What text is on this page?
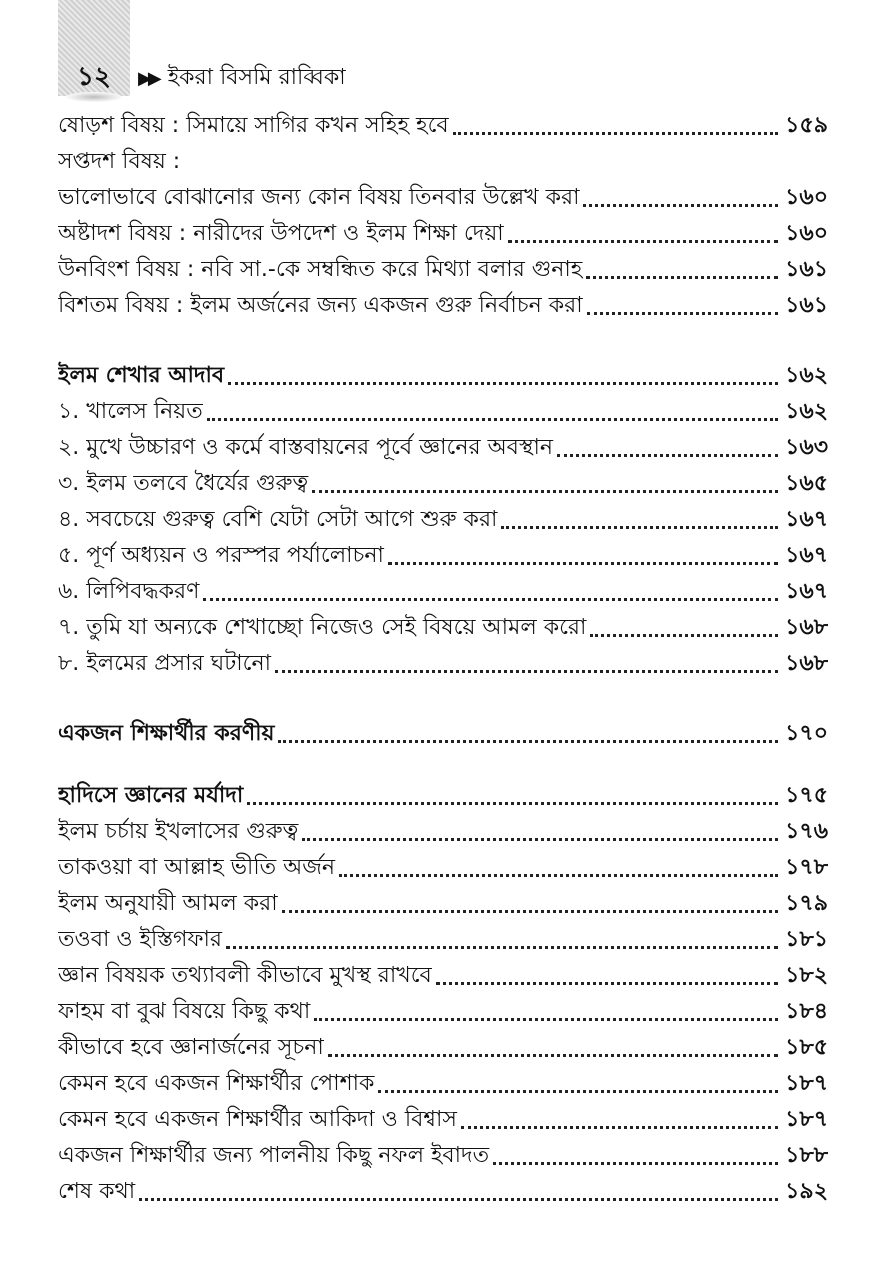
১২	▶▶ ইকরা বিসমি রাব্বিকা
ষোড়শ বিষয় : সিমায়ে সাগির কখন সহিহ হবে	১৫৯
সপ্তদশ বিষয় :
ভালোভাবে বোঝানোর জন্য কোন বিষয় তিনবার উল্লেখ করা	১৬০
অষ্টাদশ বিষয় : নারীদের উপদেশ ও ইলম শিক্ষা দেয়া	১৬০
উনবিংশ বিষয় : নবি সা.-কে সম্বন্ধিত করে মিথ্যা বলার গুনাহ	১৬১
বিশতম বিষয় : ইলম অর্জনের জন্য একজন গুরু নির্বাচন করা	১৬১
ইলম শেখার আদাব	১৬২
১. খালেস নিয়ত	১৬২
২. মুখে উচ্চারণ ও কর্মে বাস্তবায়নের পূর্বে জ্ঞানের অবস্থান	১৬৩
৩. ইলম তলবে ধৈর্যের গুরুত্ব	১৬৫
৪. সবচেয়ে গুরুত্ব বেশি যেটা সেটা আগে শুরু করা	১৬৭
৫. পূর্ণ অধ্যয়ন ও পরস্পর পর্যালোচনা	১৬৭
৬. লিপিবদ্ধকরণ	১৬৭
৭. তুমি যা অন্যকে শেখাচ্ছো নিজেও সেই বিষয়ে আমল করো	১৬৮
৮. ইলমের প্রসার ঘটানো	১৬৮
একজন শিক্ষার্থীর করণীয়	১৭০
হাদিসে জ্ঞানের মর্যাদা	১৭৫
ইলম চর্চায় ইখলাসের গুরুত্ব	১৭৬
তাকওয়া বা আল্লাহ ভীতি অর্জন	১৭৮
ইলম অনুযায়ী আমল করা	১৭৯
তওবা ও ইস্তিগফার	১৮১
জ্ঞান বিষয়ক তথ্যাবলী কীভাবে মুখস্থ রাখবে	১৮২
ফাহম বা বুঝ বিষয়ে কিছু কথা	১৮৪
কীভাবে হবে জ্ঞানার্জনের সূচনা	১৮৫
কেমন হবে একজন শিক্ষার্থীর পোশাক	১৮৭
কেমন হবে একজন শিক্ষার্থীর আকিদা ও বিশ্বাস	১৮৭
একজন শিক্ষার্থীর জন্য পালনীয় কিছু নফল ইবাদত	১৮৮
শেষ কথা	১৯২
